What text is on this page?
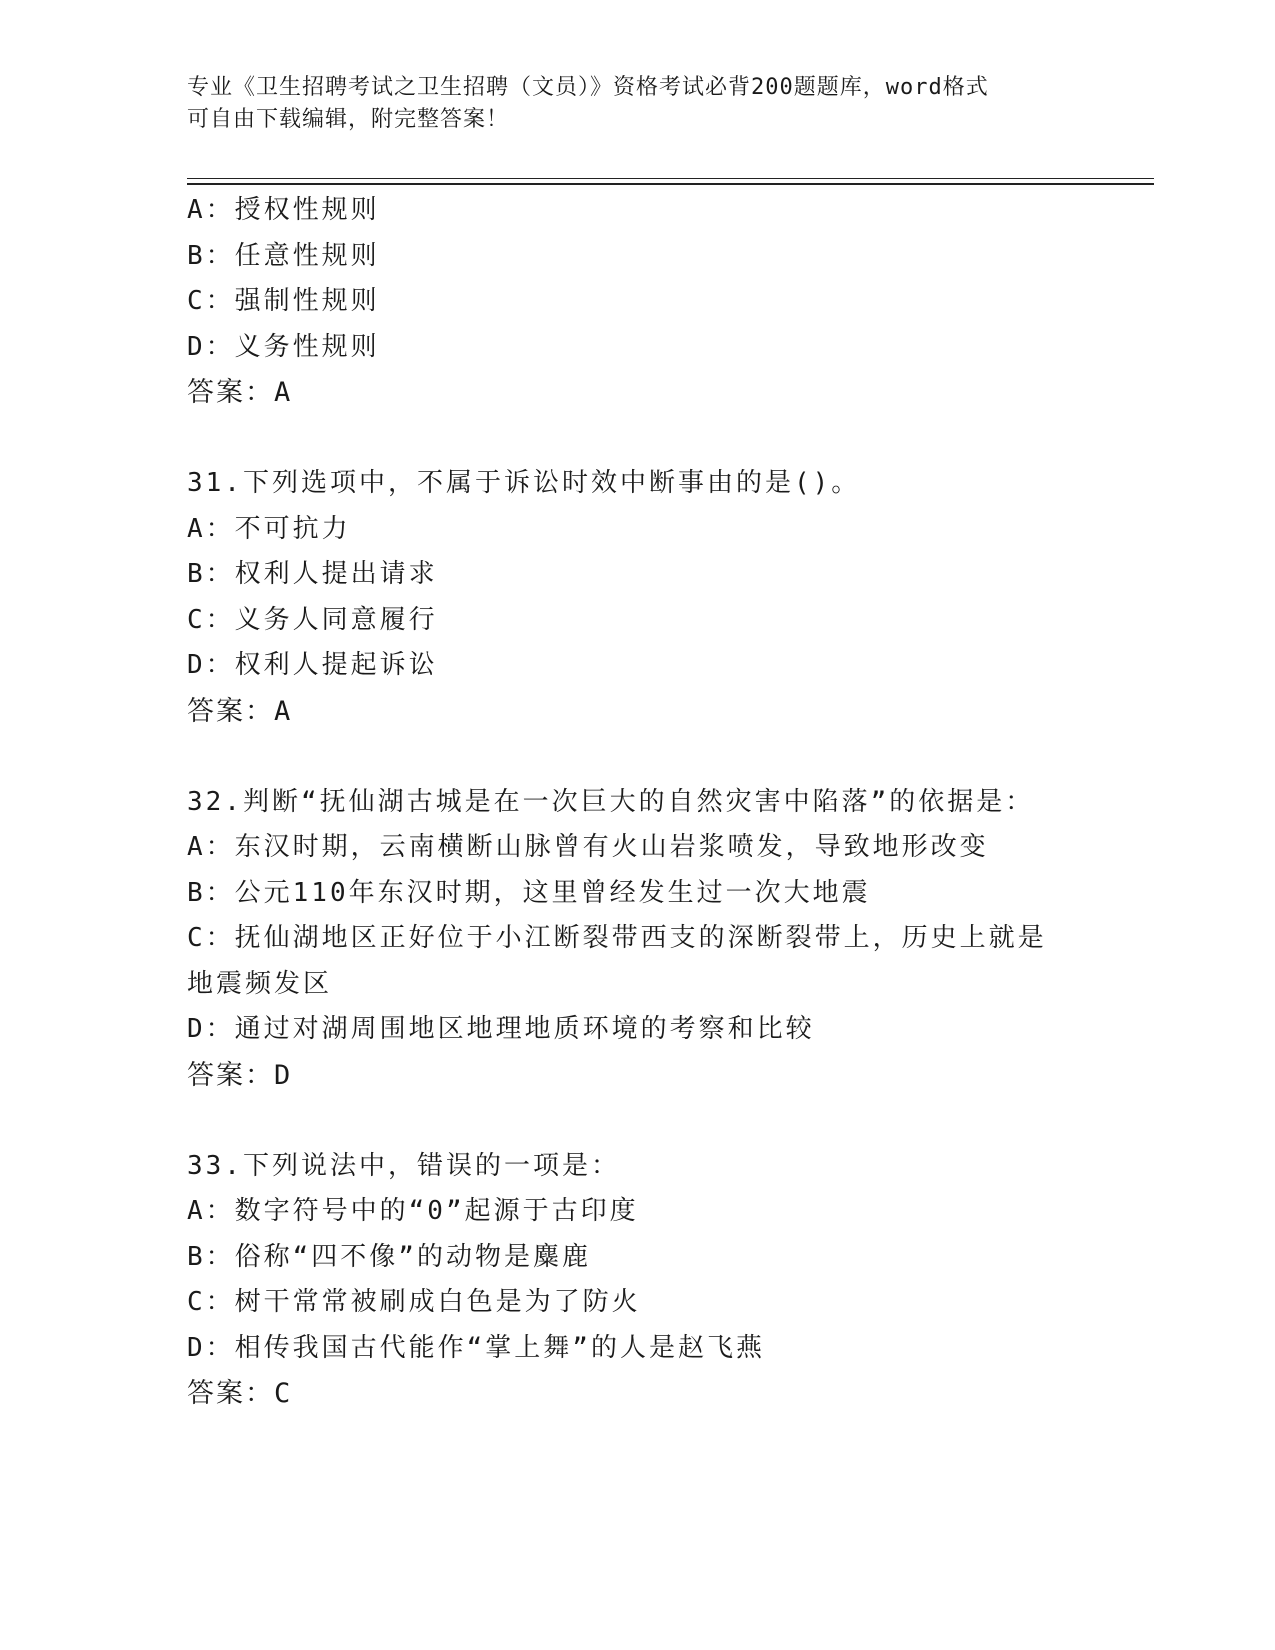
专业《卫生招聘考试之卫生招聘（文员）》资格考试必背200题题库，word格式
可自由下载编辑，附完整答案！
A：授权性规则
B：任意性规则
C：强制性规则
D：义务性规则
答案：A
31.下列选项中，不属于诉讼时效中断事由的是()。
A：不可抗力
B：权利人提出请求
C：义务人同意履行
D：权利人提起诉讼
答案：A
32.判断“抚仙湖古城是在一次巨大的自然灾害中陷落”的依据是：
A：东汉时期，云南横断山脉曾有火山岩浆喷发，导致地形改变
B：公元110年东汉时期，这里曾经发生过一次大地震
C：抚仙湖地区正好位于小江断裂带西支的深断裂带上，历史上就是地震频发区
D：通过对湖周围地区地理地质环境的考察和比较
答案：D
33.下列说法中，错误的一项是：
A：数字符号中的“0”起源于古印度
B：俗称“四不像”的动物是麋鹿
C：树干常常被刷成白色是为了防火
D：相传我国古代能作“掌上舞”的人是赵飞燕
答案：C
